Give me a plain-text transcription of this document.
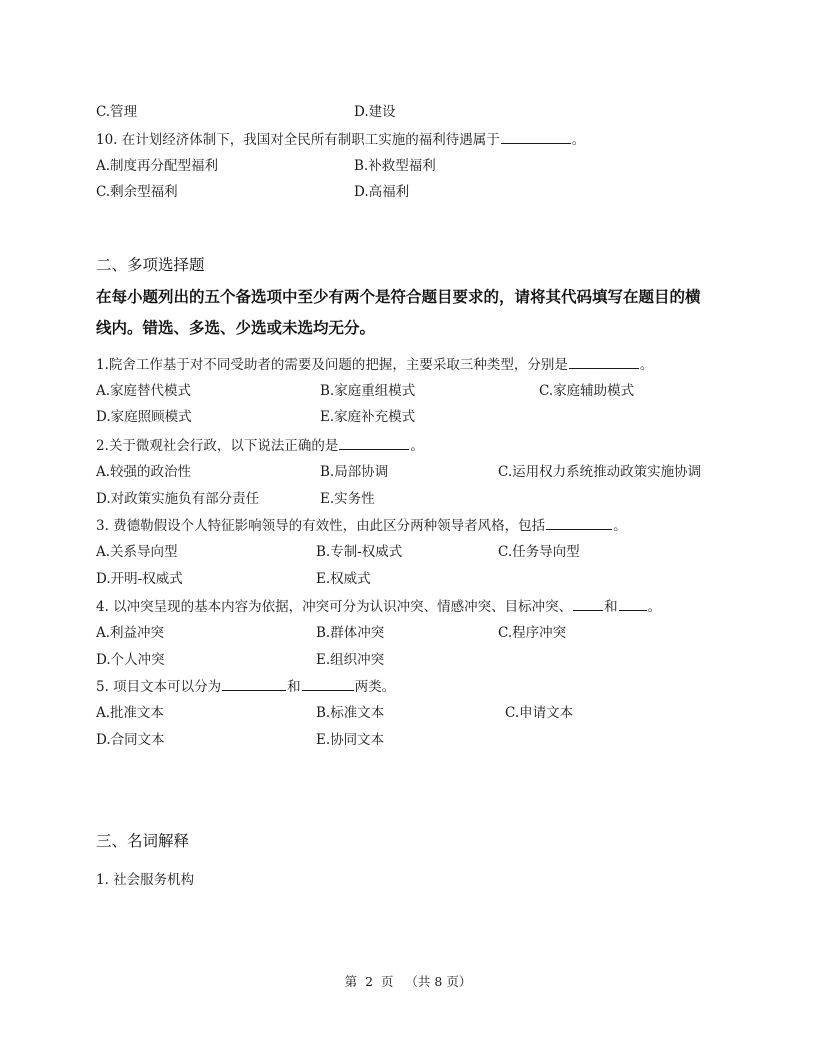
C.管理	D.建设
10. 在计划经济体制下，我国对全民所有制职工实施的福利待遇属于	。
A.制度再分配型福利	B.补救型福利
C.剩余型福利	D.高福利
二、多项选择题
在每小题列出的五个备选项中至少有两个是符合题目要求的，请将其代码填写在题目的横
线内。错选、多选、少选或未选均无分。
1.院舍工作基于对不同受助者的需要及问题的把握，主要采取三种类型，分别是	。
A.家庭替代模式	B.家庭重组模式	C.家庭辅助模式
D.家庭照顾模式	E.家庭补充模式
2.关于微观社会行政，以下说法正确的是	。
A.较强的政治性	B.局部协调	C.运用权力系统推动政策实施协调
D.对政策实施负有部分责任	E.实务性
3. 费德勒假设个人特征影响领导的有效性，由此区分两种领导者风格，包括	。
A.关系导向型	B.专制-权威式	C.任务导向型
D.开明-权威式	E.权威式
4. 以冲突呈现的基本内容为依据，冲突可分为认识冲突、情感冲突、目标冲突、 和 。
A.利益冲突	B.群体冲突	C.程序冲突
D.个人冲突	E.组织冲突
5. 项目文本可以分为	和	两类。
A.批准文本	B.标准文本	C.申请文本
D.合同文本	E.协同文本
三、名词解释
1. 社会服务机构
第  2  页   （共 8 页）
